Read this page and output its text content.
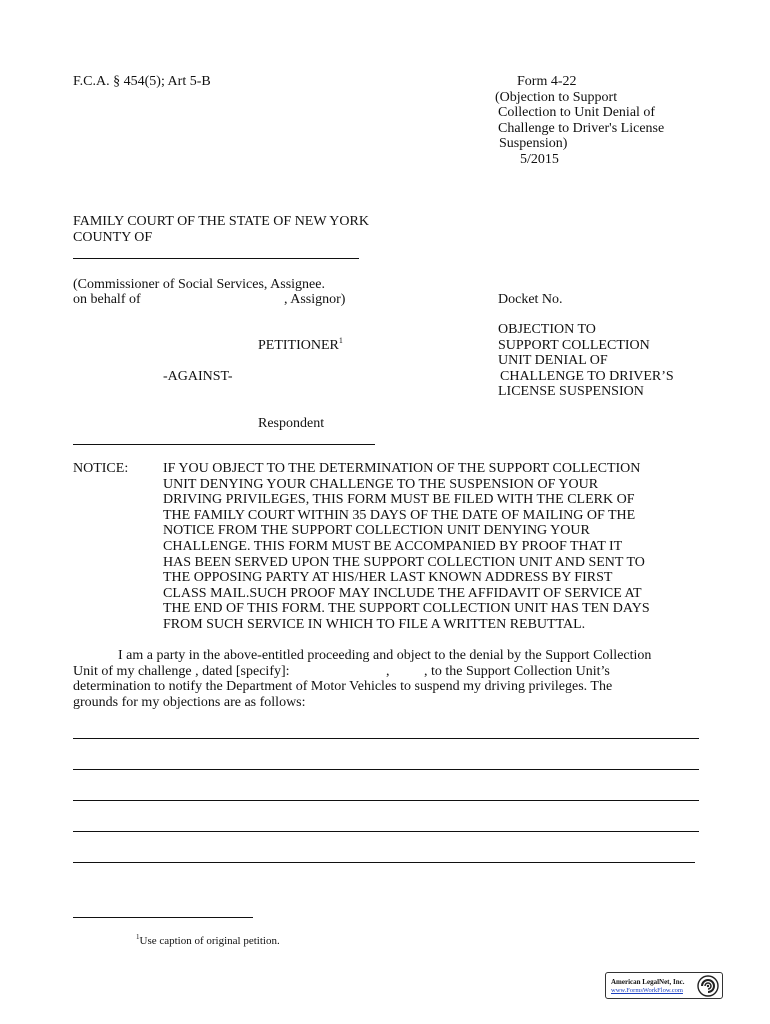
F.C.A. § 454(5); Art 5-B	Form 4-22
(Objection to Support
Collection to Unit Denial of
Challenge to Driver's License
Suspension)
5/2015
FAMILY COURT OF THE STATE OF NEW YORK
COUNTY OF
(Commissioner of Social Services, Assignee.
on behalf of	, Assignor)
PETITIONER$^1$
-AGAINST-
Respondent
Docket No.
OBJECTION TO
SUPPORT COLLECTION
UNIT DENIAL OF
CHALLENGE TO DRIVER’S
LICENSE SUSPENSION
NOTICE: IF YOU OBJECT TO THE DETERMINATION OF THE SUPPORT COLLECTION
UNIT DENYING YOUR CHALLENGE TO THE SUSPENSION OF YOUR
DRIVING PRIVILEGES, THIS FORM MUST BE FILED WITH THE CLERK OF
THE FAMILY COURT WITHIN 35 DAYS OF THE DATE OF MAILING OF THE
NOTICE FROM THE SUPPORT COLLECTION UNIT DENYING YOUR
CHALLENGE. THIS FORM MUST BE ACCOMPANIED BY PROOF THAT IT
HAS BEEN SERVED UPON THE SUPPORT COLLECTION UNIT AND SENT TO
THE OPPOSING PARTY AT HIS/HER LAST KNOWN ADDRESS BY FIRST
CLASS MAIL.SUCH PROOF MAY INCLUDE THE AFFIDAVIT OF SERVICE AT
THE END OF THIS FORM. THE SUPPORT COLLECTION UNIT HAS TEN DAYS
FROM SUCH SERVICE IN WHICH TO FILE A WRITTEN REBUTTAL.
I am a party in the above-entitled proceeding and object to the denial by the Support Collection
Unit of my challenge , dated [specify]:	, , to the Support Collection Unit’s
determination to notify the Department of Motor Vehicles to suspend my driving privileges. The
grounds for my objections are as follows:
$^1$Use caption of original petition.
American LegalNet, Inc.
www.FormsWorkFlow.com
